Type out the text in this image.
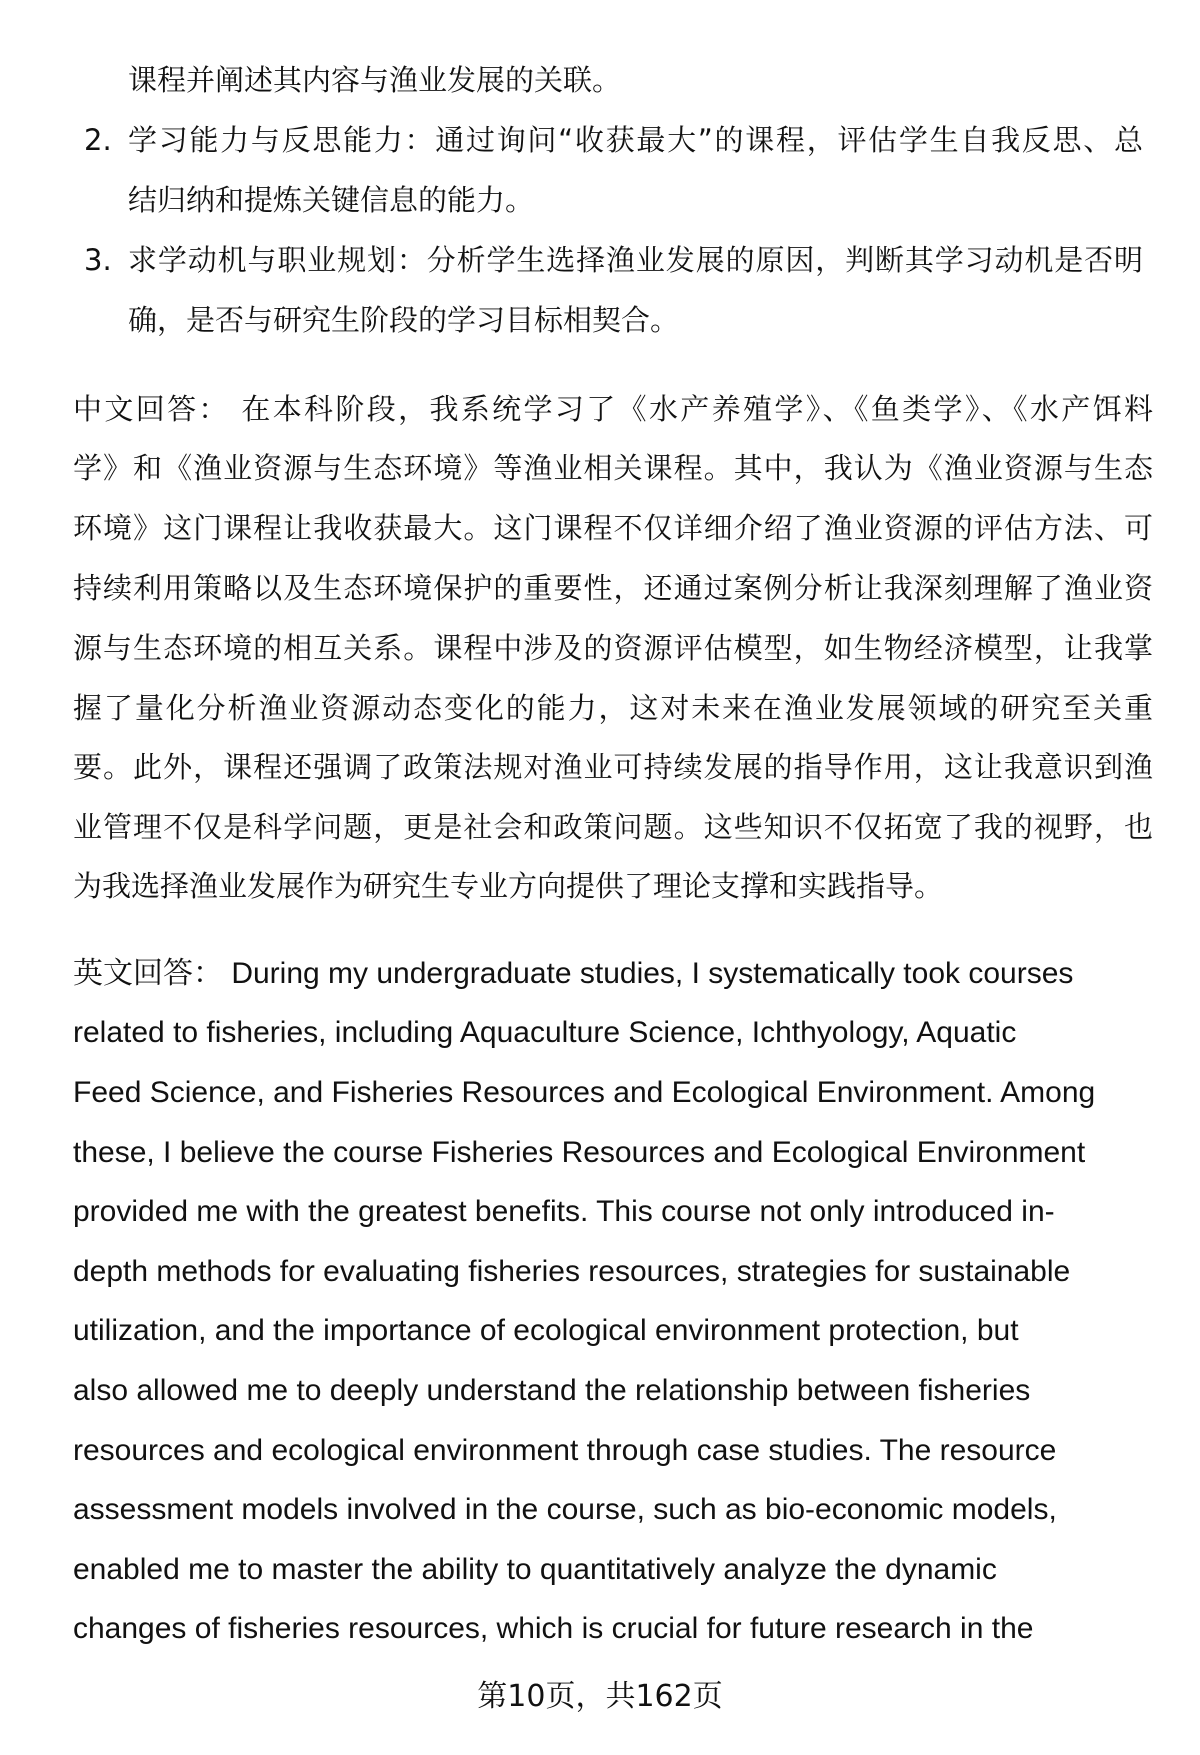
课程并阐述其内容与渔业发展的关联。
2. 学习能力与反思能力：通过询问“收获最大”的课程，评估学生自我反思、总
结归纳和提炼关键信息的能力。
3. 求学动机与职业规划：分析学生选择渔业发展的原因，判断其学习动机是否明
确，是否与研究生阶段的学习目标相契合。
中文回答： 在本科阶段，我系统学习了《水产养殖学》、《鱼类学》、《水产饵料
学》和《渔业资源与生态环境》等渔业相关课程。其中，我认为《渔业资源与生态
环境》这门课程让我收获最大。这门课程不仅详细介绍了渔业资源的评估方法、可
持续利用策略以及生态环境保护的重要性，还通过案例分析让我深刻理解了渔业资
源与生态环境的相互关系。课程中涉及的资源评估模型，如生物经济模型，让我掌
握了量化分析渔业资源动态变化的能力，这对未来在渔业发展领域的研究至关重
要。此外，课程还强调了政策法规对渔业可持续发展的指导作用，这让我意识到渔
业管理不仅是科学问题，更是社会和政策问题。这些知识不仅拓宽了我的视野，也
为我选择渔业发展作为研究生专业方向提供了理论支撑和实践指导。
英文回答： During my undergraduate studies, I systematically took courses
related to fisheries, including Aquaculture Science, Ichthyology, Aquatic
Feed Science, and Fisheries Resources and Ecological Environment. Among
these, I believe the course Fisheries Resources and Ecological Environment
provided me with the greatest benefits. This course not only introduced in-
depth methods for evaluating fisheries resources, strategies for sustainable
utilization, and the importance of ecological environment protection, but
also allowed me to deeply understand the relationship between fisheries
resources and ecological environment through case studies. The resource
assessment models involved in the course, such as bio-economic models,
enabled me to master the ability to quantitatively analyze the dynamic
changes of fisheries resources, which is crucial for future research in the
第10页，共162页
